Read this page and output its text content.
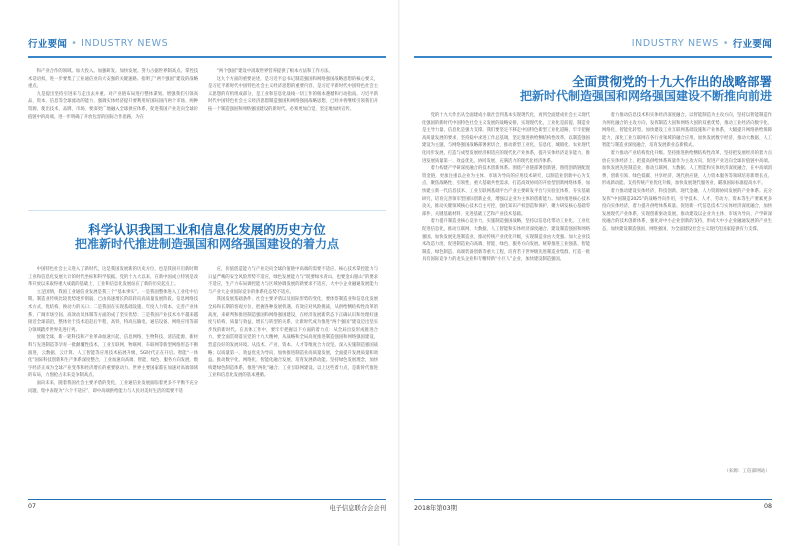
行业要闻 • INDUSTRY NEWS

和产业合作的领域。加大投入。加强研发。加快发展。努力占据世界制高点。掌控技术话语权，进一步要集了工业通信业向大安强的关键速路。指明了“两个强国”建设的战略重点。

九是提出坚持引进来与走出去并重。对产业链布局进行整体谋划。增强我们引领高品、资本、信息等全球流动的能力，强调实体经济提升要利用好国际国内两个市场、两种资源，使出技术、品牌、市场、要深更广地融入全球供应体系，促进我国产业迈向全球价值链中的高端。进一步明确了开放包容的国际合作思路，为在

“两个强国”建设中汲取世界营养提供了根本方法和工作方法。

这九个方面的重要论述，是习近平总书记制造强国和网络强国战略思想的核心要义，是习近平新时代中国特色社会主义经济思想的重要内容，是习近平新时代中国特色社会主义思想的有机组成部分，是工业和信息化战线一切工作的根本遵循和行动指南。习近平新时代中国特色社会主义经济思想制造强国和网络强国战略思想，已经并将继续引领我们开拓一个制造强国和网络强国建设的新时代。必须更加自觉、坚定地加快宣传。

科学认识我国工业和信息化发展的历史方位
把准新时代推进制造强国和网络强国建设的着力点

中国特色社会主义进入了新时代，这是我国发展新的历史方位，也是我国开启新时期工业和信息化发展大计的时代坐标和科学依据。党的十九大以来，在新中国成立特别是改革开放以来取得重大成就的基础上，工业和信息化发展站在了新的历史起点上。

立足国情，我国工业通信业发展是我三个“基本事实”。一是我国整体进入工业化中后期。制造业传统比较优势逐步削弱，已由高速增长阶段转向高质量发展阶段。信息网络技术方式、优结构、换动力的关口；二是我国在实现基础设施、年度人力资本、完善产业体系、广阔市场空间、高效动员体制等方面的成了坚实优势；三是我国产业技术水平越来越接近全球前沿，整体处于技术追赶后半程，高铁、特高压输电、通信设备、网络应用等部分领域踏步世界先进行列。

放眼全球，新一轮科技和产业革命加速兴起，信息网络、生物科技、清洁能源、新材料与先进制造等孕育一批颠覆性技术，工业互联网、物联网、车联网等新型网络形态不断演进，云数据、云计算、人工智能等应用技术拓展升级，5G时代正在开启。智能“一体化”国际科技创新和生产体系深度整合，工业加速向高端、智能、绿色、服务方向发展，数字经济正成为全球产业变革和经济增长的重要驱动力，世界主要国家都在加速对高端领域的布局，力图抢占未来竞争制高点。

面向未来，随着我国社会主要矛盾的变化，工业通信业发展面临着更多不平衡不充分问题，集中表现为“六个不适应”，即中高端供给能力与人民对美好生活的需要不适

应，价值创造能力与产业迈向全球价值链中高端的需要不适应，核心技术掌控能力与日益严峻的安全风险形势不适应，绿色发展能力与“既要绿水青山，也要金山银山”的要求不适应，生产力布局调控能力与区域协调发展的新要求不适应，大中小企业融通发展能力与产业大企业国际竞争的体系化态势不适应。

我国发展基础条件、社会主要矛盾以及国际形势的变化，要体察制造业和信息化发展全局和长期的客观方位，把握各种发展机遇，有效应对风险挑战，从供给侧结构性改革的高度，来研判和推进制造强国和网络强国建设，在经济发展新常态下正确认识和处理好速度与结构、质量与效益、增长与转型的关系，让新时代成为推进“两个强国”建设迈出坚实步伐的新时代。在具体工作中，要牢牢把握以下方面的着力点：从全局出发形成推进合力，要全面贯彻落实党的十九大精神，从战略和全局高度推进制造强国和网络强国建设，营造良好的发展环境。从技术、产业、资本、人才等维度合力攻坚。深入实施制造强国战略；以质量第一、效益优先为导向，加快推进制造业高质量发展，全面提升发展质量和效益。推动数字化、网络化、智能化融合发展，培育发展新动能。坚持绿色发展理念，加快构建绿色制造体系，推进“两化”融合、工业互联网建设。以上这些着力点，是新时代推进工业和信息化发展的基本遵循。

07	电子信息联合会会刊
INDUSTRY NEWS • 行业要闻
全面贯彻党的十九大作出的战略部署
把新时代制造强国和网络强国建设不断推向前进

党的十九大作出从全面建成小康社会到基本实现现代化，再到全面建成社会主义现代化强国的新时代中国特色社会主义发展的战略安排。实现现代化，工业化是前提，制造业是主导力量，信息化是强力支撑。我们要坚定不移走中国特色新型工业化道路，牢牢把握高质量发展的要求，坚持稳中求进工作总基调，坚定推进供给侧结构性改革，以制造强国建设为主题，与网络强国战略部署密切合，推动新型工业化、信息化、城镇化、农业现代化同步发展，打造与成型发展经济相适应的现代化产业体系，提升实体经济竞争能力，推进发展质量第一、效益优先，协同发展、充满活力的现代化经济体系。

着力构建产学研深度融合的技术创新体系。围绕产业链部署创新链，围绕创新链配置资金链，更加注重以企业为主体、市场为导向的应用技术研究，以制造业创新中心为支点，聚焦战略性、引领性、重大基础共性需求，打造高效协同的开放型创新网络体系，加快建立新一代信息技术、工业互联网基础平台产业主要研发平台与实验室体系，夯实基础研究，培育完善领军型国际创新企业，增强以企业为主体的创新能力。加快推进核心技术攻关，推动关键领域核心技术自主可控，强化知识产权创造和保护，聚力研发核心基础零部件、关键基础材料、先进基础工艺和产业技术基础。

着力提升制造业核心竞争力，实施制造强国战略，坚持以信息化带动工业化、工业化促进信息化，推动互联网、大数据、人工智能和实体经济深度融合，建设制造强国和网络强国。加快发展先进制造业，推动传统产业优化升级，实现制造业由大变强。加大企业技术改造力度，促进制造业向高端、智能、绿色、服务方向发展。统筹推进工业强基、智能制造、绿色制造、高端装备创新等重大工程，培育若干世界级先进制造业集群，打造一批具有国际竞争力的龙头企业和专精特新“小巨人”企业，加快建设制造强国。

着力推动信息技术和实体经济深度融合。以智能制造为主攻方向，坚持以智能制造作为两化融合的主攻方向，发挥制造大国和网络大国的双重优势，推动工业经济向数字化、网络化、智能化转型。加快建设工业互联网基础设施和产业体系，大幅提升网络供给保障能力，深化工业互联网在各行业领域的融合应用。加快发展数字经济，推动大数据、人工智能与制造业深度融合，培育发展新业态新模式。

着力推动产业结构优化升级。坚持推进供给侧结构性改革，坚持把发展经济的着力点放在实体经济上，把提高供给体系质量作为主攻方向，促进产业迈向全球价值链中高端。加快发展先进制造业，推动互联网、大数据、人工智能和实体经济深度融合，在中高端消费、创新引领、绿色低碳、共享经济、现代供应链、人力资本服务等领域培育新增长点、形成新动能。支持传统产业优化升级，加快发展现代服务业，瞄准国际标准提高水平。

着力推动建设实体经济、科技创新、现代金融、人力资源协同发展的产业体系。充分发挥“中国制造2025”的战略导向作用，引导技术、人才、劳动力、资本等生产要素更多投向实体经济，着力提升供给体系质量。促进新一代信息技术与实体经济深度融合，加快发展现代产业体系，实现创新驱动发展。推动建设以企业为主体、市场为导向、产学研深度融合的技术创新体系，强化对中小企业创新的支持，形成大中小企业融通发展的产业生态，加快建设制造强国、网络强国，为全面建设社会主义现代化国家提供有力支撑。

（来源：工信部网站）
2018年第03期	08
